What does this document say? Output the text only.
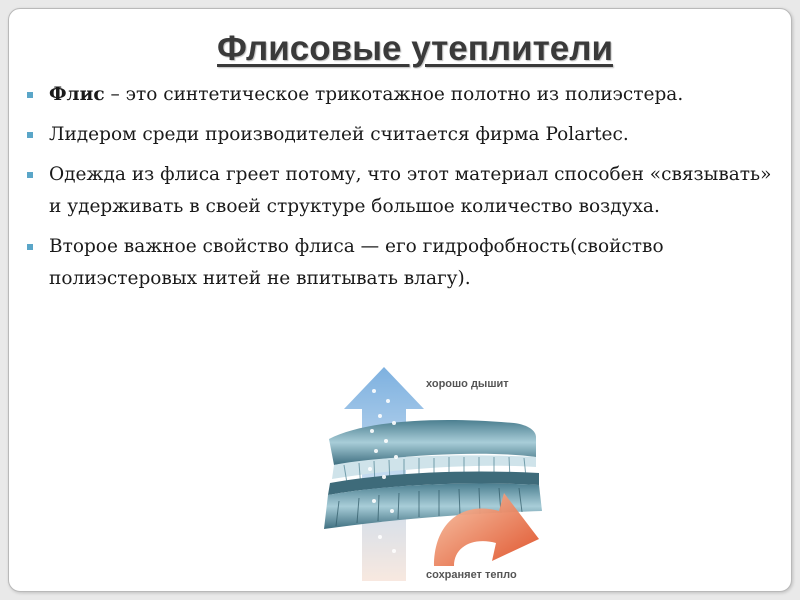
Флисовые утеплители
Флис – это синтетическое трикотажное полотно из полиэстера.
Лидером среди производителей считается фирма Polartec.
Одежда из флиса греет потому, что этот материал способен «связывать» и удерживать в своей структуре большое количество воздуха.
Второе важное свойство флиса — его гидрофобность(свойство полиэстеровых нитей не впитывать влагу).
хорошо дышит
сохраняет тепло
